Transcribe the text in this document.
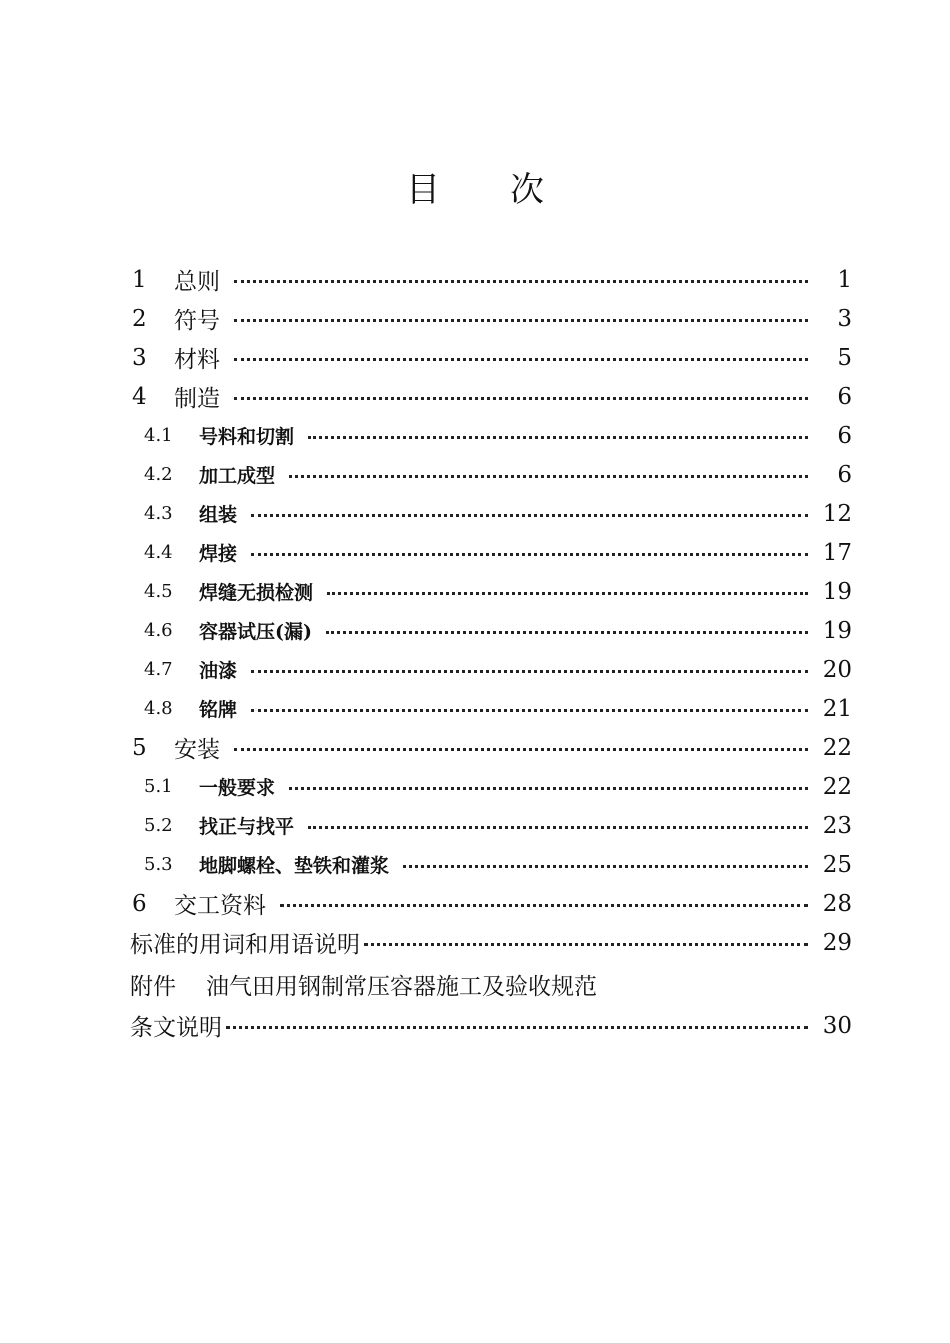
目 次
1	总则	1
2	符号	3
3	材料	5
4	制造	6
4.1	号料和切割	6
4.2	加工成型	6
4.3	组装	12
4.4	焊接	17
4.5	焊缝无损检测	19
4.6	容器试压(漏)	19
4.7	油漆	20
4.8	铭牌	21
5	安装	22
5.1	一般要求	22
5.2	找正与找平	23
5.3	地脚螺栓、垫铁和灌浆	25
6	交工资料	28
标准的用词和用语说明	29
附件 油气田用钢制常压容器施工及验收规范
条文说明	30
